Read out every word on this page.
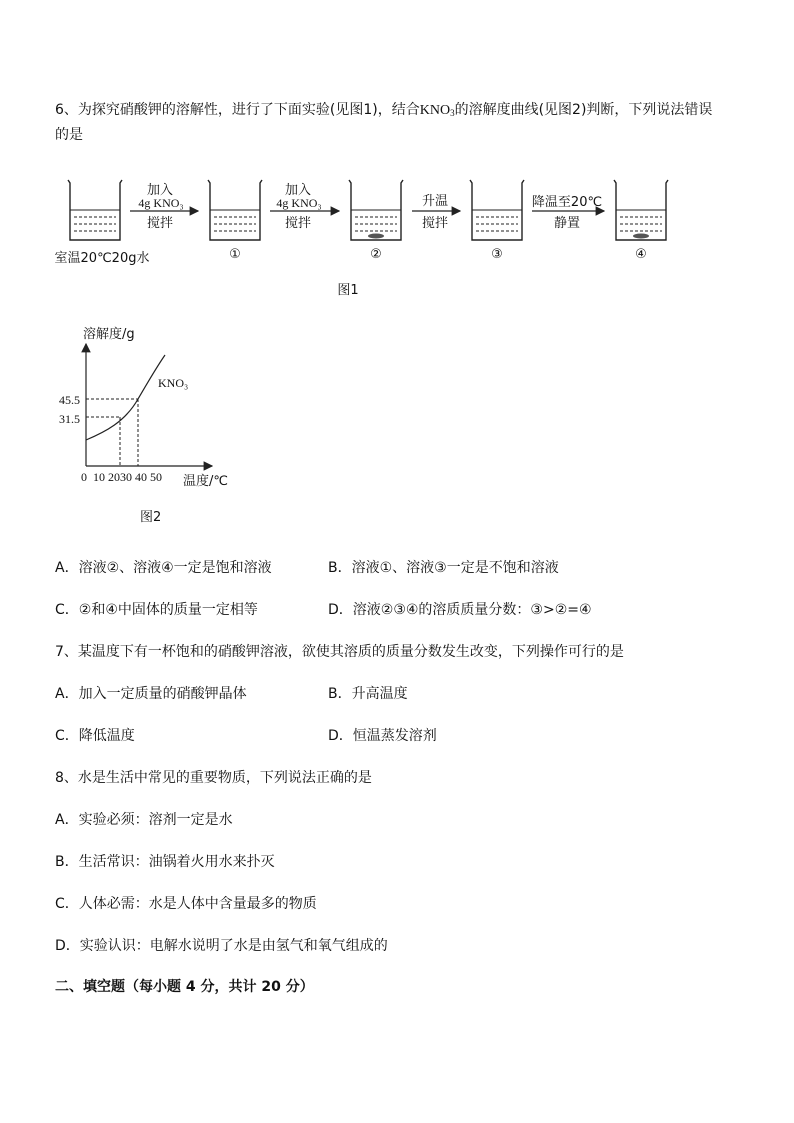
6、为探究硝酸钾的溶解性，进行了下面实验(见图1)，结合$KNO_3$的溶解度曲线(见图2)判断，下列说法错误
的是
加入
4g KNO₃
搅拌
加入
4g KNO₃
搅拌
升温
搅拌
降温至20℃
静置
室温20℃20g水	①	②	③	④
图1
溶解度/g
KNO₃
45.5
31.5
0  10 2030 40 50 温度/℃
图2
A．溶液②、溶液④一定是饱和溶液	B．溶液①、溶液③一定是不饱和溶液
C．②和④中固体的质量一定相等	D．溶液②③④的溶质质量分数：③>②=④
7、某温度下有一杯饱和的硝酸钾溶液，欲使其溶质的质量分数发生改变，下列操作可行的是
A．加入一定质量的硝酸钾晶体	B．升高温度
C．降低温度	D．恒温蒸发溶剂
8、水是生活中常见的重要物质，下列说法正确的是
A．实验必须：溶剂一定是水
B．生活常识：油锅着火用水来扑灭
C．人体必需：水是人体中含量最多的物质
D．实验认识：电解水说明了水是由氢气和氧气组成的
二、填空题（每小题 4 分，共计 20 分）
